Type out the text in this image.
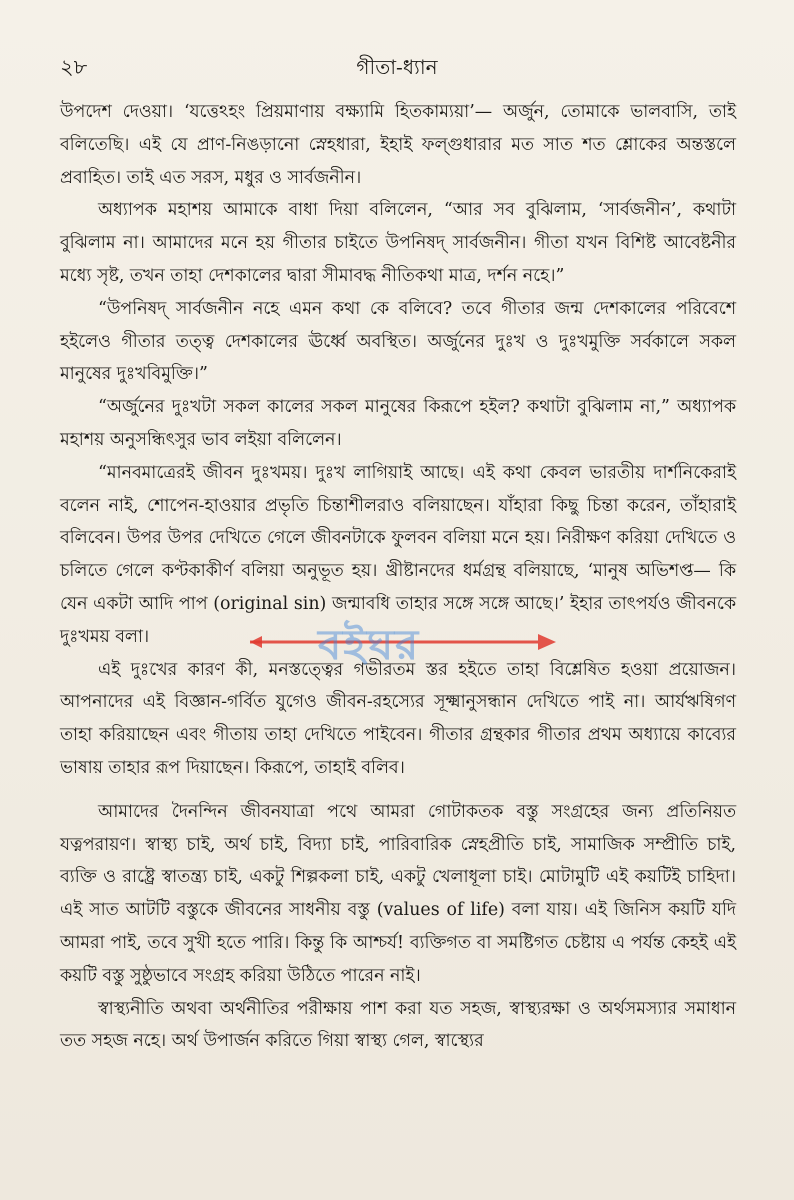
২৮	গীতা-ধ্যান

উপদেশ দেওয়া। ‘যত্তেঽহং প্রিয়মাণায় বক্ষ্যামি হিতকাম্যয়া’— অর্জুন, তোমাকে ভালবাসি, তাই বলিতেছি। এই যে প্রাণ-নিঙড়ানো স্নেহধারা, ইহাই ফল্গুধারার মত সাত শত শ্লোকের অন্তস্তলে প্রবাহিত। তাই এত সরস, মধুর ও সার্বজনীন।

অধ্যাপক মহাশয় আমাকে বাধা দিয়া বলিলেন, “আর সব বুঝিলাম, ‘সার্বজনীন’, কথাটা বুঝিলাম না। আমাদের মনে হয় গীতার চাইতে উপনিষদ্ সার্বজনীন। গীতা যখন বিশিষ্ট আবেষ্টনীর মধ্যে সৃষ্ট, তখন তাহা দেশকালের দ্বারা সীমাবদ্ধ নীতিকথা মাত্র, দর্শন নহে।”

“উপনিষদ্ সার্বজনীন নহে এমন কথা কে বলিবে? তবে গীতার জন্ম দেশকালের পরিবেশে হইলেও গীতার তত্ত্ব দেশকালের ঊর্ধ্বে অবস্থিত। অর্জুনের দুঃখ ও দুঃখমুক্তি সর্বকালে সকল মানুষের দুঃখবিমুক্তি।”

“অর্জুনের দুঃখটা সকল কালের সকল মানুষের কিরূপে হইল? কথাটা বুঝিলাম না,” অধ্যাপক মহাশয় অনুসন্ধিৎসুর ভাব লইয়া বলিলেন।

“মানবমাত্রেরই জীবন দুঃখময়। দুঃখ লাগিয়াই আছে। এই কথা কেবল ভারতীয় দার্শনিকেরাই বলেন নাই, শোপেন-হাওয়ার প্রভৃতি চিন্তাশীলরাও বলিয়াছেন। যাঁহারা কিছু চিন্তা করেন, তাঁহারাই বলিবেন। উপর উপর দেখিতে গেলে জীবনটাকে ফুলবন বলিয়া মনে হয়। নিরীক্ষণ করিয়া দেখিতে ও চলিতে গেলে কণ্টকাকীর্ণ বলিয়া অনুভূত হয়। খ্রীষ্টানদের ধর্মগ্রন্থ বলিয়াছে, ‘মানুষ অভিশপ্ত— কি যেন একটা আদি পাপ (original sin) জন্মাবধি তাহার সঙ্গে সঙ্গে আছে।’ ইহার তাৎপর্যও জীবনকে দুঃখময় বলা।

এই দুঃখের কারণ কী, মনস্তত্ত্বের গভীরতম স্তর হইতে তাহা বিশ্লেষিত হওয়া প্রয়োজন। আপনাদের এই বিজ্ঞান-গর্বিত যুগেও জীবন-রহস্যের সূক্ষ্মানুসন্ধান দেখিতে পাই না। আর্যঋষিগণ তাহা করিয়াছেন এবং গীতায় তাহা দেখিতে পাইবেন। গীতার গ্রন্থকার গীতার প্রথম অধ্যায়ে কাব্যের ভাষায় তাহার রূপ দিয়াছেন। কিরূপে, তাহাই বলিব।

আমাদের দৈনন্দিন জীবনযাত্রা পথে আমরা গোটাকতক বস্তু সংগ্রহের জন্য প্রতিনিয়ত যত্নপরায়ণ। স্বাস্থ্য চাই, অর্থ চাই, বিদ্যা চাই, পারিবারিক স্নেহপ্রীতি চাই, সামাজিক সম্প্রীতি চাই, ব্যক্তি ও রাষ্ট্রে স্বাতন্ত্র্য চাই, একটু শিল্পকলা চাই, একটু খেলাধূলা চাই। মোটামুটি এই কয়টিই চাহিদা। এই সাত আটটি বস্তুকে জীবনের সাধনীয় বস্তু (values of life) বলা যায়। এই জিনিস কয়টি যদি আমরা পাই, তবে সুখী হতে পারি। কিন্তু কি আশ্চর্য! ব্যক্তিগত বা সমষ্টিগত চেষ্টায় এ পর্যন্ত কেহই এই কয়টি বস্তু সুষ্ঠুভাবে সংগ্রহ করিয়া উঠিতে পারেন নাই।

স্বাস্থ্যনীতি অথবা অর্থনীতির পরীক্ষায় পাশ করা যত সহজ, স্বাস্থ্যরক্ষা ও অর্থসমস্যার সমাধান তত সহজ নহে। অর্থ উপার্জন করিতে গিয়া স্বাস্থ্য গেল, স্বাস্থ্যের

বইঘর
